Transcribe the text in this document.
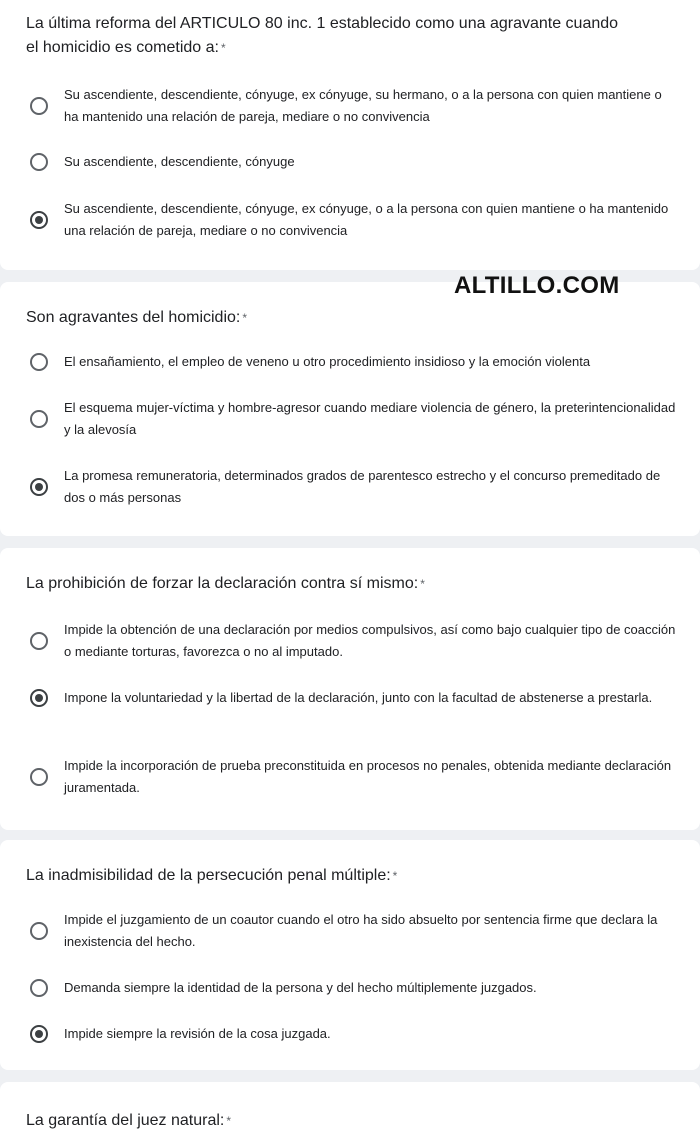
La última reforma del ARTICULO 80 inc. 1 establecido como una agravante cuando el homicidio es cometido a: *

Su ascendiente, descendiente, cónyuge, ex cónyuge, su hermano, o a la persona con quien mantiene o ha mantenido una relación de pareja, mediare o no convivencia
Su ascendiente, descendiente, cónyuge
Su ascendiente, descendiente, cónyuge, ex cónyuge, o a la persona con quien mantiene o ha mantenido una relación de pareja, mediare o no convivencia

Son agravantes del homicidio: *

El ensañamiento, el empleo de veneno u otro procedimiento insidioso y la emoción violenta
El esquema mujer-víctima y hombre-agresor cuando mediare violencia de género, la preterintencionalidad y la alevosía
La promesa remuneratoria, determinados grados de parentesco estrecho y el concurso premeditado de dos o más personas

La prohibición de forzar la declaración contra sí mismo: *

Impide la obtención de una declaración por medios compulsivos, así como bajo cualquier tipo de coacción o mediante torturas, favorezca o no al imputado.
Impone la voluntariedad y la libertad de la declaración, junto con la facultad de abstenerse a prestarla.
Impide la incorporación de prueba preconstituida en procesos no penales, obtenida mediante declaración juramentada.

La inadmisibilidad de la persecución penal múltiple: *

Impide el juzgamiento de un coautor cuando el otro ha sido absuelto por sentencia firme que declara la inexistencia del hecho.
Demanda siempre la identidad de la persona y del hecho múltiplemente juzgados.
Impide siempre la revisión de la cosa juzgada.

La garantía del juez natural: *

ALTILLO.COM
